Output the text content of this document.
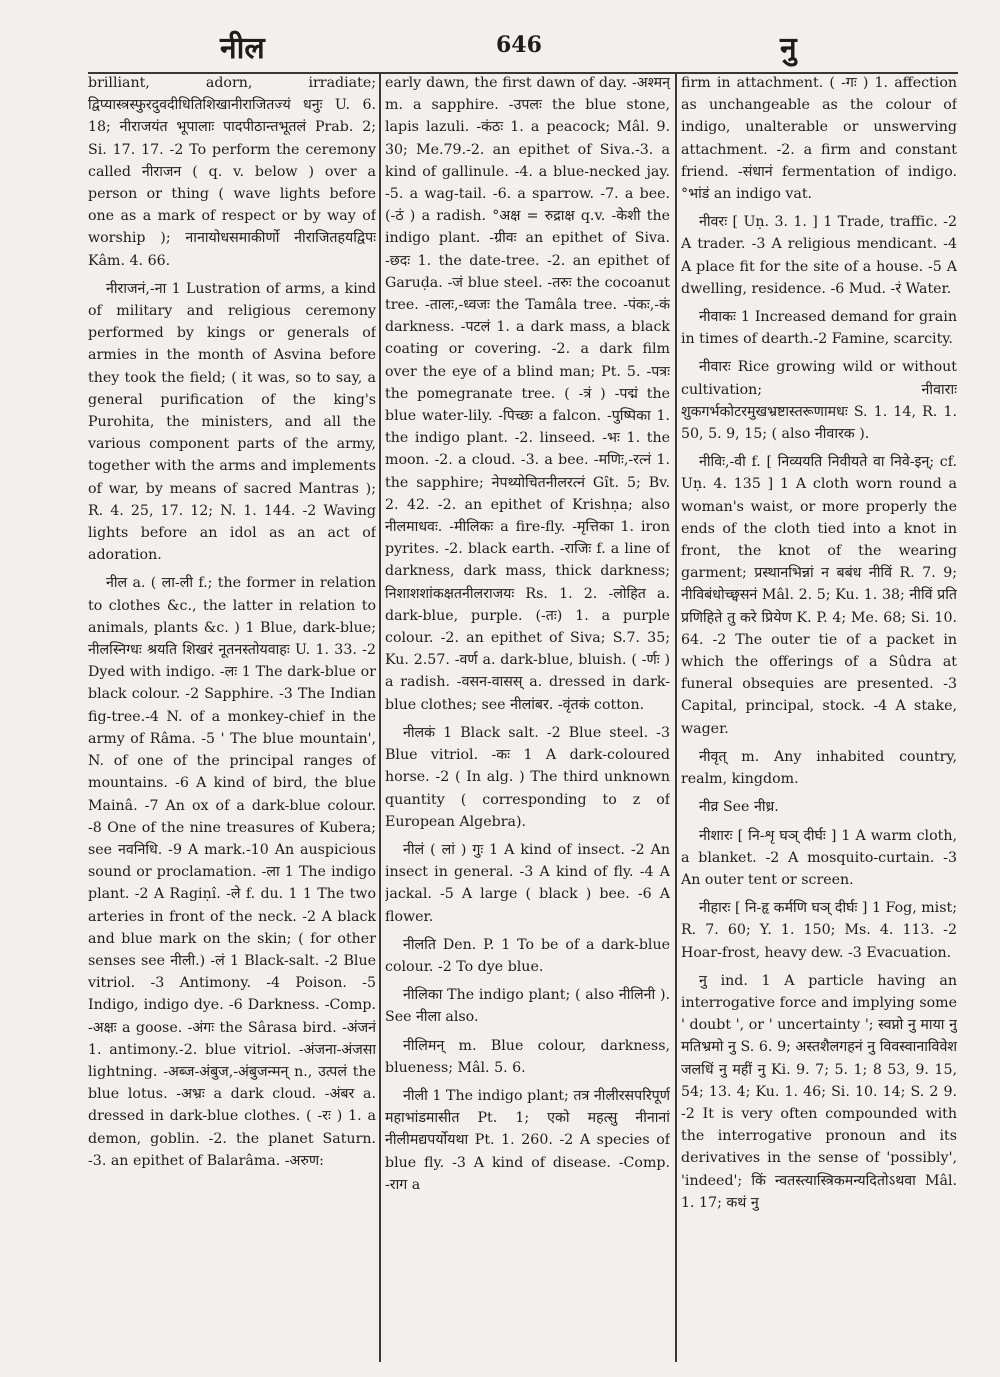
नील	646	नु

brilliant, adorn, irradiate; द्विप्यास्त्रस्फुरदुवदीधितिशिखानीराजितज्यं धनुः U. 6. 18; नीराजयंत भूपालाः पादपीठान्तभूतलं Prab. 2; Si. 17. 17. -2 To perform the ceremony called नीराजन ( q. v. below ) over a person or thing ( wave lights before one as a mark of respect or by way of worship ); नानायोधसमाकीर्णो नीराजितहयद्विपः Kâm. 4. 66.

नीराजनं,-ना 1 Lustration of arms, a kind of military and religious ceremony performed by kings or generals of armies in the month of Asvina before they took the field; ( it was, so to say, a general purification of the king's Purohita, the ministers, and all the various component parts of the army, together with the arms and implements of war, by means of sacred Mantras ); R. 4. 25, 17. 12; N. 1. 144. -2 Waving lights before an idol as an act of adoration.

नील a. ( ला-ली f.; the former in relation to clothes &c., the latter in relation to animals, plants &c. ) 1 Blue, dark-blue; नीलस्निग्धः श्रयति शिखरं नूतनस्तोयवाहः U. 1. 33. -2 Dyed with indigo. -लः 1 The dark-blue or black colour. -2 Sapphire. -3 The Indian fig-tree.-4 N. of a monkey-chief in the army of Râma. -5 ' The blue mountain', N. of one of the principal ranges of mountains. -6 A kind of bird, the blue Mainâ. -7 An ox of a dark-blue colour. -8 One of the nine treasures of Kubera; see नवनिधि. -9 A mark.-10 An auspicious sound or proclamation. -ला 1 The indigo plant. -2 A Ragiṇî. -ले f. du. 1 1 The two arteries in front of the neck. -2 A black and blue mark on the skin; ( for other senses see नीली.) -लं 1 Black-salt. -2 Blue vitriol. -3 Antimony. -4 Poison. -5 Indigo, indigo dye. -6 Darkness. -Comp. -अक्षः a goose. -अंगः the Sârasa bird. -अंजनं 1. antimony.-2. blue vitriol. -अंजना-अंजसा lightning. -अब्ज-अंबुज,-अंबुजन्मन् n., उत्पलं the blue lotus. -अभ्रः a dark cloud. -अंबर a. dressed in dark-blue clothes. ( -रः ) 1. a demon, goblin. -2. the planet Saturn. -3. an epithet of Balarâma. -अरुण:

early dawn, the first dawn of day. -अश्मन् m. a sapphire. -उपलः the blue stone, lapis lazuli. -कंठः 1. a peacock; Mâl. 9. 30; Me.79.-2. an epithet of Siva.-3. a kind of gallinule. -4. a blue-necked jay. -5. a wag-tail. -6. a sparrow. -7. a bee. (-ठं ) a radish. °अक्ष = रुद्राक्ष q.v. -केशी the indigo plant. -ग्रीवः an epithet of Siva. -छदः 1. the date-tree. -2. an epithet of Garuḍa. -जं blue steel. -तरुः the cocoanut tree. -तालः,-ध्वजः the Tamâla tree. -पंकः,-कं darkness. -पटलं 1. a dark mass, a black coating or covering. -2. a dark film over the eye of a blind man; Pt. 5. -पत्रः the pomegranate tree. ( -त्रं ) -पद्मं the blue water-lily. -पिच्छः a falcon. -पुष्पिका 1. the indigo plant. -2. linseed. -भः 1. the moon. -2. a cloud. -3. a bee. -मणिः,-रत्नं 1. the sapphire; नेपथ्योचितनीलरत्नं Gît. 5; Bv. 2. 42. -2. an epithet of Krishṇa; also नीलमाधवः. -मीलिकः a fire-fly. -मृत्तिका 1. iron pyrites. -2. black earth. -राजिः f. a line of darkness, dark mass, thick darkness; निशाशशांकक्षतनीलराजयः Rs. 1. 2. -लोहित a. dark-blue, purple. (-तः) 1. a purple colour. -2. an epithet of Siva; S.7. 35; Ku. 2.57. -वर्ण a. dark-blue, bluish. ( -र्णः ) a radish. -वसन-वासस् a. dressed in dark-blue clothes; see नीलांबर. -वृंतकं cotton.

नीलकं 1 Black salt. -2 Blue steel. -3 Blue vitriol. -कः 1 A dark-coloured horse. -2 ( In alg. ) The third unknown quantity ( corresponding to z of European Algebra).

नीलं ( लां ) गुः 1 A kind of insect. -2 An insect in general. -3 A kind of fly. -4 A jackal. -5 A large ( black ) bee. -6 A flower.

नीलति Den. P. 1 To be of a dark-blue colour. -2 To dye blue.

नीलिका The indigo plant; ( also नीलिनी ). See नीला also.

नीलिमन् m. Blue colour, darkness, blueness; Mâl. 5. 6.

नीली 1 The indigo plant; तत्र नीलीरसपरिपूर्ण महाभांडमासीत Pt. 1; एको महत्सु नीनानां नीलीमद्यपर्योयथा Pt. 1. 260. -2 A species of blue fly. -3 A kind of disease. -Comp. -राग a

firm in attachment. ( -गः ) 1. affection as unchangeable as the colour of indigo, unalterable or unswerving attachment. -2. a firm and constant friend. -संधानं fermentation of indigo. °भांडं an indigo vat.

नीवरः [ Uṇ. 3. 1. ] 1 Trade, traffic. -2 A trader. -3 A religious mendicant. -4 A place fit for the site of a house. -5 A dwelling, residence. -6 Mud. -रं Water.

नीवाकः 1 Increased demand for grain in times of dearth.-2 Famine, scarcity.

नीवारः Rice growing wild or without cultivation; नीवाराः शुकगर्भकोटरमुखभ्रष्टास्तरूणामधः S. 1. 14, R. 1. 50, 5. 9, 15; ( also नीवारक ).

नीविः,-वी f. [ निव्ययति निवीयते वा निवे-इन्; cf. Uṇ. 4. 135 ] 1 A cloth worn round a woman's waist, or more properly the ends of the cloth tied into a knot in front, the knot of the wearing garment; प्रस्थानभिन्नां न बबंध नीविं R. 7. 9; नीविबंधोच्छ्वसनं Mâl. 2. 5; Ku. 1. 38; नीविं प्रति प्रणिहिते तु करे प्रियेण K. P. 4; Me. 68; Si. 10. 64. -2 The outer tie of a packet in which the offerings of a Sûdra at funeral obsequies are presented. -3 Capital, principal, stock. -4 A stake, wager.

नीवृत् m. Any inhabited country, realm, kingdom.

नीव्र See नीध्र.

नीशारः [ नि-शृ घञ् दीर्घः ] 1 A warm cloth, a blanket. -2 A mosquito-curtain. -3 An outer tent or screen.

नीहारः [ नि-हृ कर्मणि घञ् दीर्घः ] 1 Fog, mist; R. 7. 60; Y. 1. 150; Ms. 4. 113. -2 Hoar-frost, heavy dew. -3 Evacuation.

नु ind. 1 A particle having an interrogative force and implying some ' doubt ', or ' uncertainty '; स्वप्नो नु माया नु मतिभ्रमो नु S. 6. 9; अस्तशैलगहनं नु विवस्वानाविवेश जलधिं नु महीं नु Ki. 9. 7; 5. 1; 8 53, 9. 15, 54; 13. 4; Ku. 1. 46; Si. 10. 14; S. 2 9. -2 It is very often compounded with the interrogative pronoun and its derivatives in the sense of 'possibly', 'indeed'; किं न्वतस्त्यास्त्रिकमन्यदितोऽथवा Mâl. 1. 17; कथं नु
